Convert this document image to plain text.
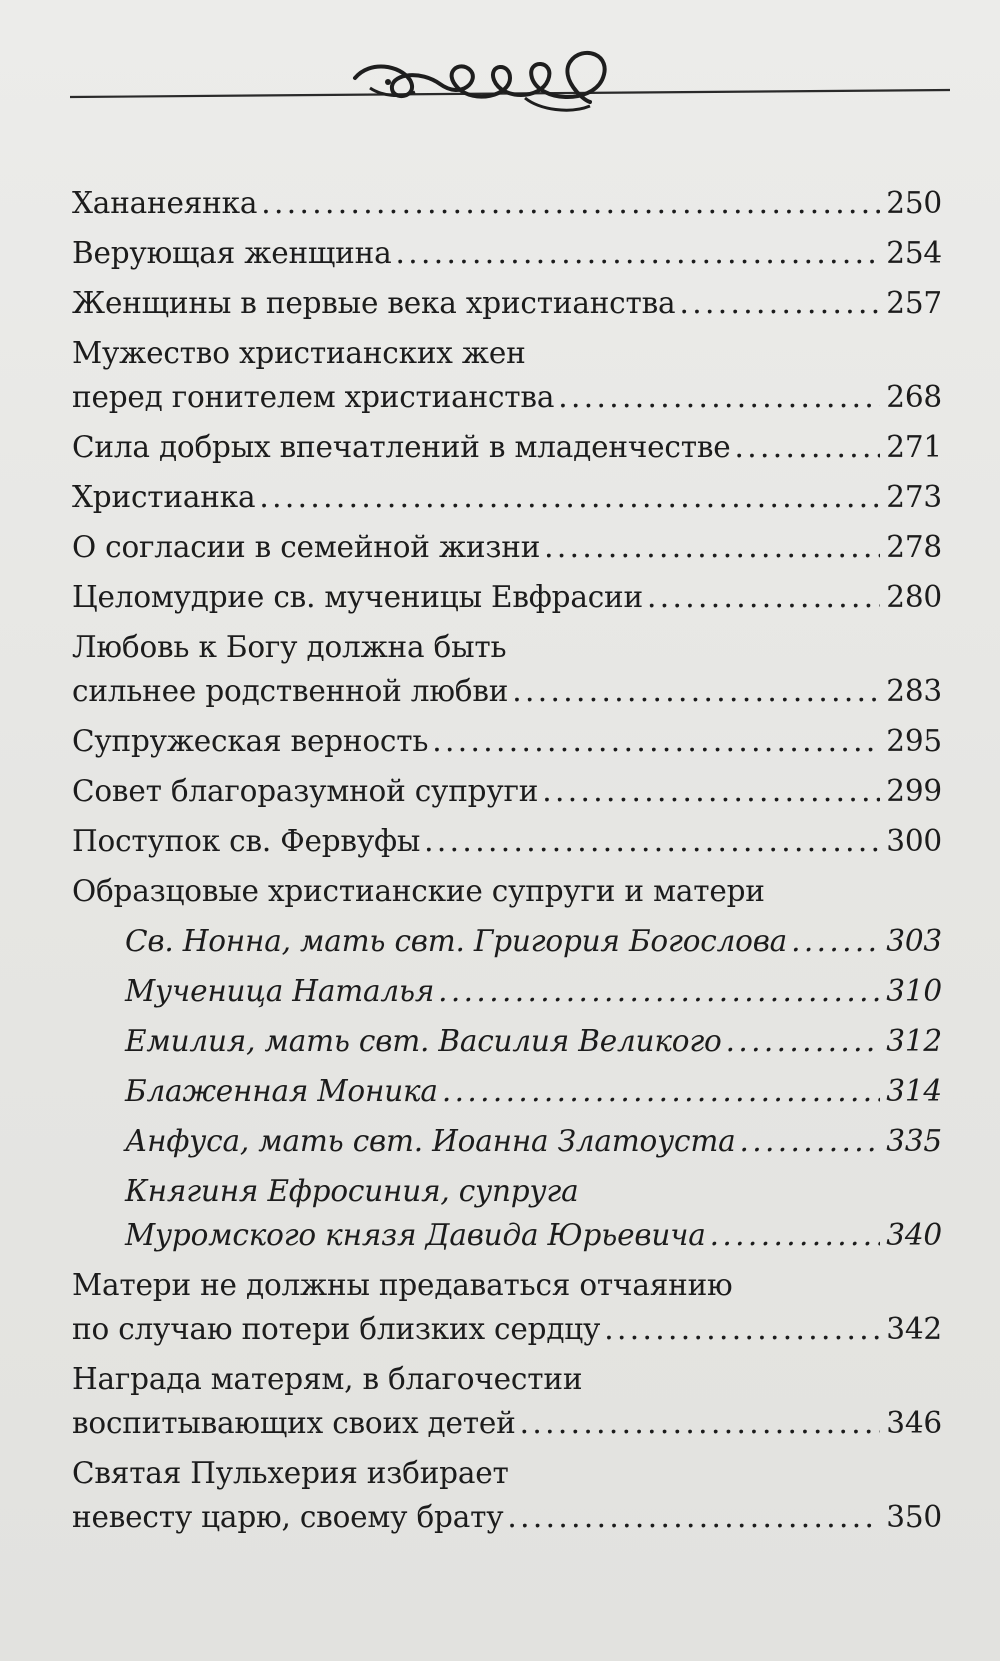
Хананеянка . . .	250
Верующая женщина . . .	254
Женщины в первые века христианства . . .	257
Мужество христианских жен
перед гонителем христианства . . .	268
Сила добрых впечатлений в младенчестве . . .	271
Христианка . . .	273
О согласии в семейной жизни . . .	278
Целомудрие св. мученицы Евфрасии . . .	280
Любовь к Богу должна быть
сильнее родственной любви . . .	283
Супружеская верность . . .	295
Совет благоразумной супруги . . .	299
Поступок св. Фервуфы . . .	300
Образцовые христианские супруги и матери
Св. Нонна, мать свт. Григория Богослова . . .	303
Мученица Наталья . . .	310
Емилия, мать свт. Василия Великого . . .	312
Блаженная Моника . . .	314
Анфуса, мать свт. Иоанна Златоуста . . .	335
Княгиня Ефросиния, супруга
Муромского князя Давида Юрьевича . . .	340
Матери не должны предаваться отчаянию
по случаю потери близких сердцу . . .	342
Награда матерям, в благочестии
воспитывающих своих детей . . .	346
Святая Пульхерия избирает
невесту царю, своему брату . . .	350
